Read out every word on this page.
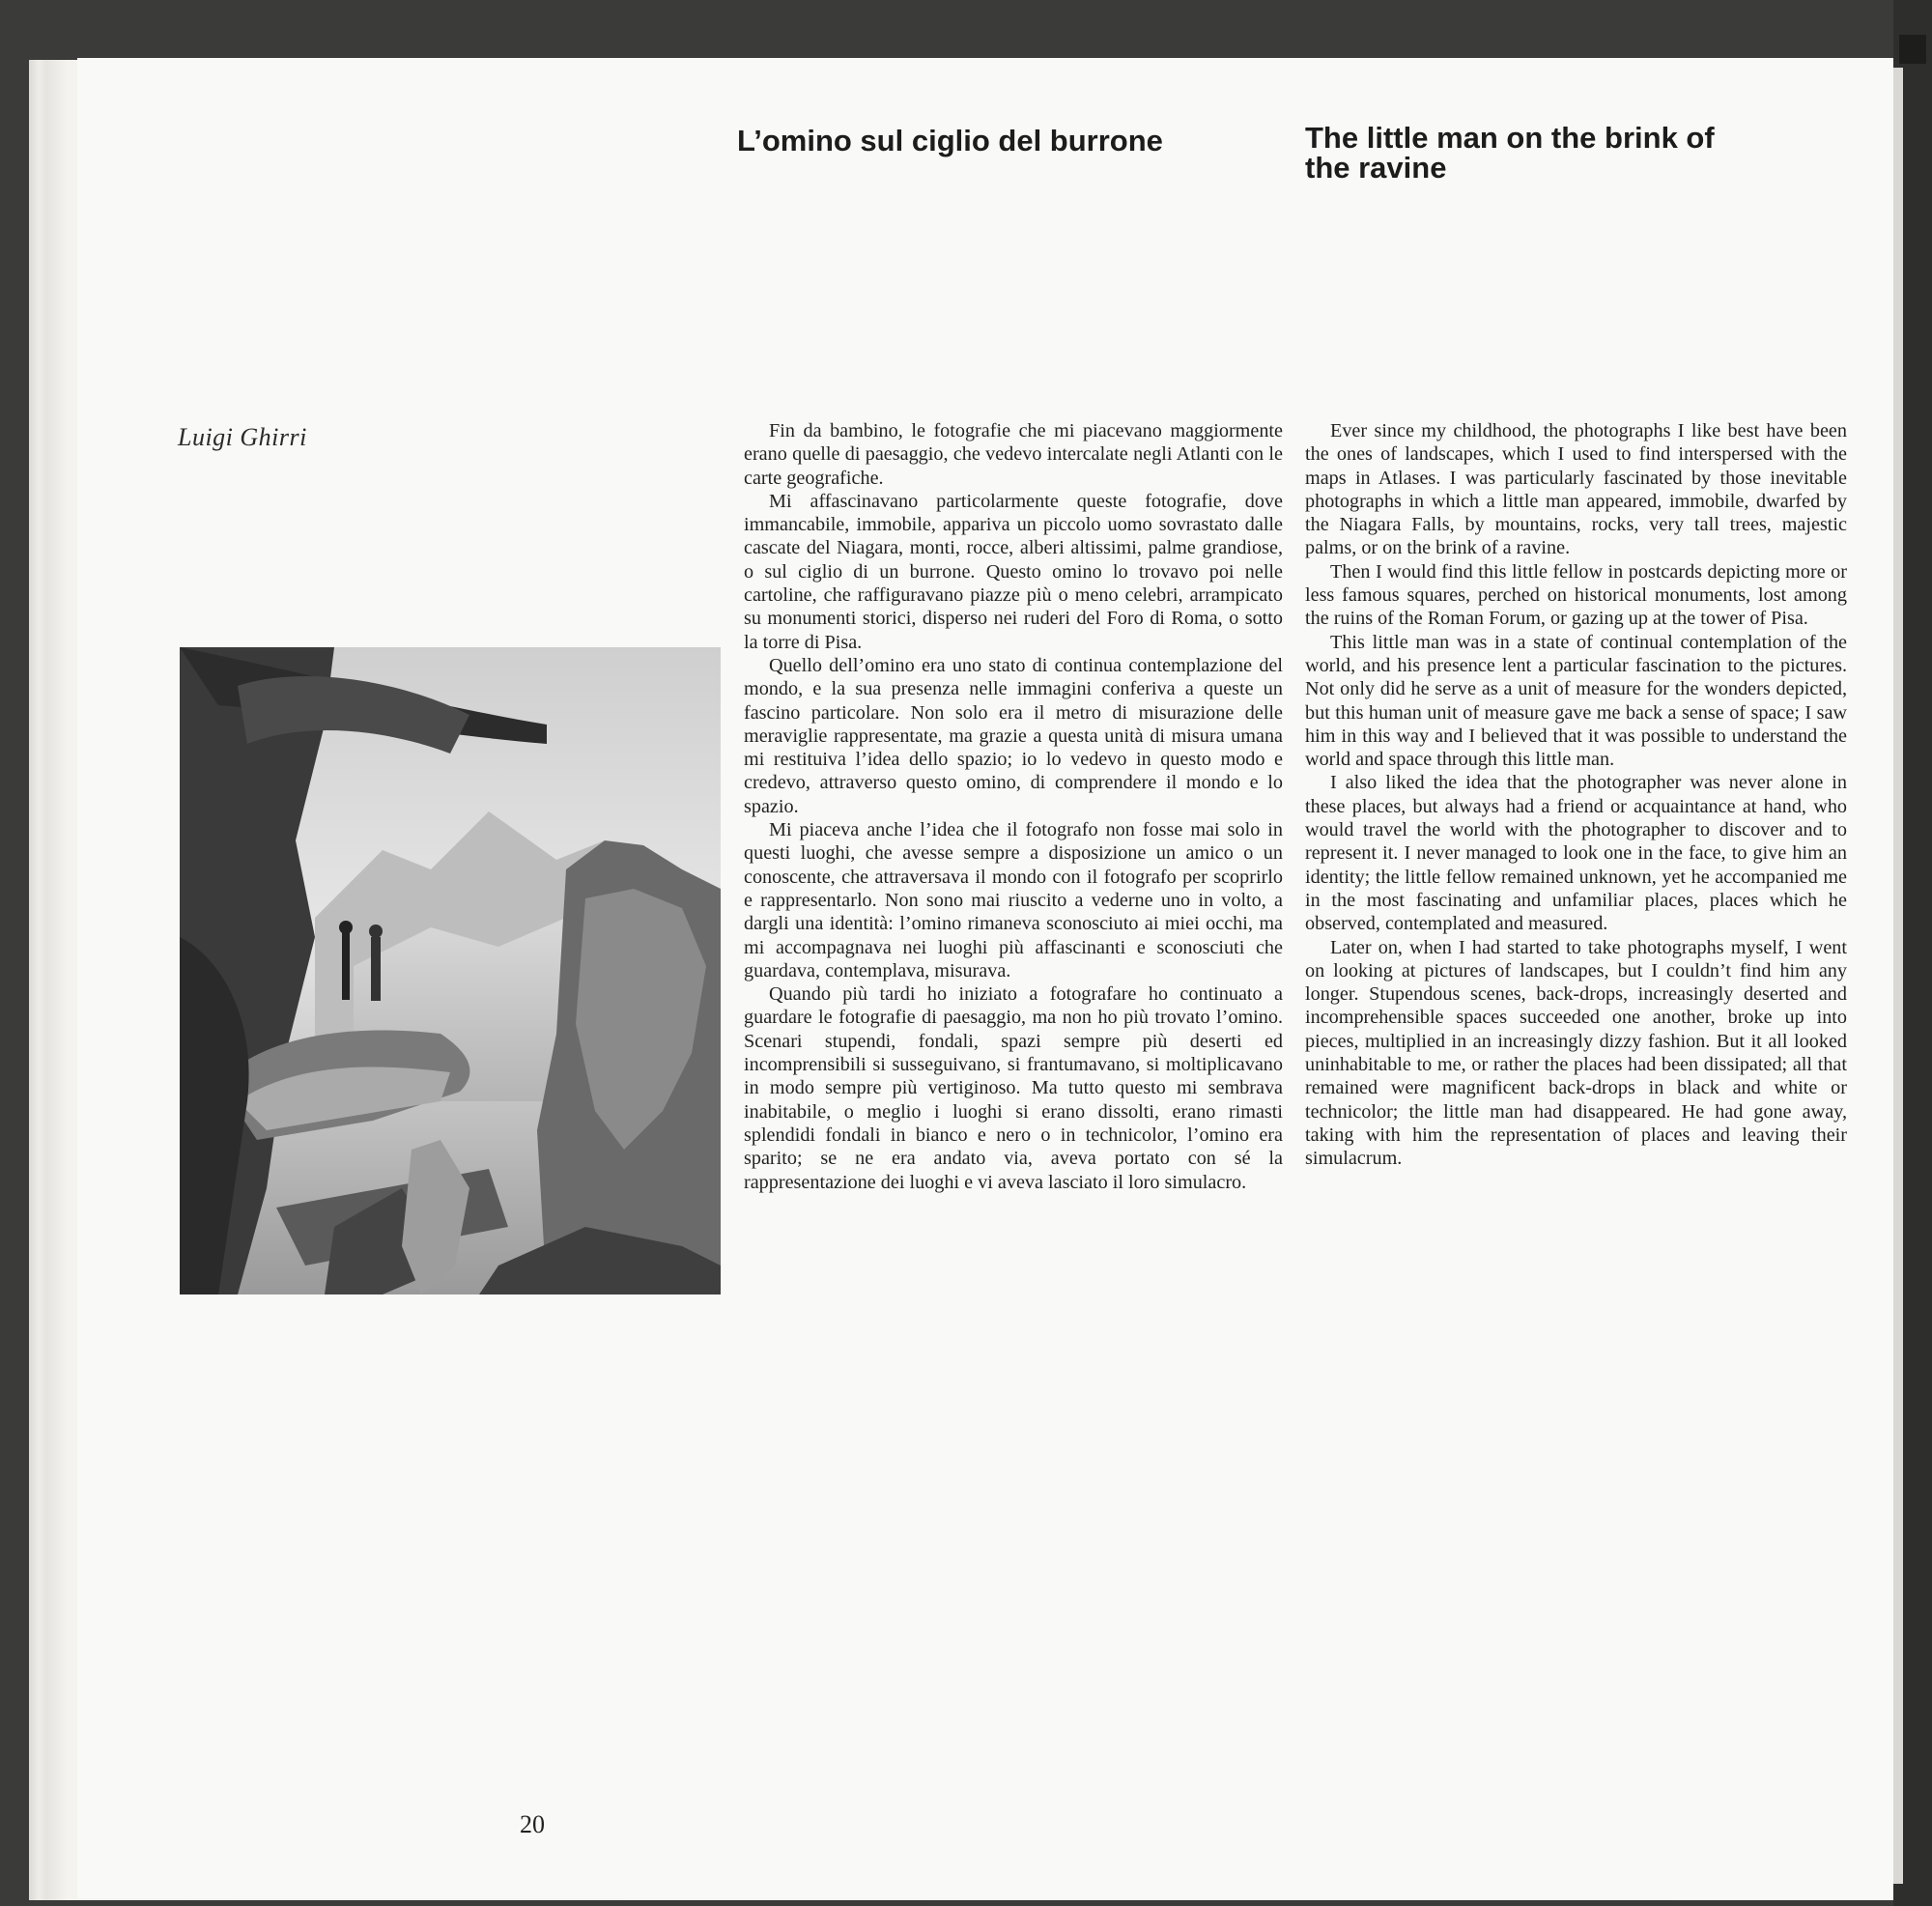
L’omino sul ciglio del burrone	The little man on the brink of the ravine

Luigi Ghirri	Fin da bambino, le fotografie che mi piacevano maggiormente erano quelle di paesaggio, che vedevo intercalate negli Atlanti con le carte geografiche.

Mi affascinavano particolarmente queste fotografie, dove immancabile, immobile, appariva un piccolo uomo sovrastato dalle cascate del Niagara, monti, rocce, alberi altissimi, palme grandiose, o sul ciglio di un burrone. Questo omino lo trovavo poi nelle cartoline, che raffiguravano piazze più o meno celebri, arrampicato su monumenti storici, disperso nei ruderi del Foro di Roma, o sotto la torre di Pisa.

Quello dell’omino era uno stato di continua contemplazione del mondo, e la sua presenza nelle immagini conferiva a queste un fascino particolare. Non solo era il metro di misurazione delle meraviglie rappresentate, ma grazie a questa unità di misura umana mi restituiva l’idea dello spazio; io lo vedevo in questo modo e credevo, attraverso questo omino, di comprendere il mondo e lo spazio.

Mi piaceva anche l’idea che il fotografo non fosse mai solo in questi luoghi, che avesse sempre a disposizione un amico o un conoscente, che attraversava il mondo con il fotografo per scoprirlo e rappresentarlo. Non sono mai riuscito a vederne uno in volto, a dargli una identità: l’omino rimaneva sconosciuto ai miei occhi, ma mi accompagnava nei luoghi più affascinanti e sconosciuti che guardava, contemplava, misurava.

Quando più tardi ho iniziato a fotografare ho continuato a guardare le fotografie di paesaggio, ma non ho più trovato l’omino. Scenari stupendi, fondali, spazi sempre più deserti ed incomprensibili si susseguivano, si frantumavano, si moltiplicavano in modo sempre più vertiginoso. Ma tutto questo mi sembrava inabitabile, o meglio i luoghi si erano dissolti, erano rimasti splendidi fondali in bianco e nero o in technicolor, l’omino era sparito; se ne era andato via, aveva portato con sé la rappresentazione dei luoghi e vi aveva lasciato il loro simulacro.

Ever since my childhood, the photographs I like best have been the ones of landscapes, which I used to find interspersed with the maps in Atlases. I was particularly fascinated by those inevitable photographs in which a little man appeared, immobile, dwarfed by the Niagara Falls, by mountains, rocks, very tall trees, majestic palms, or on the brink of a ravine.

Then I would find this little fellow in postcards depicting more or less famous squares, perched on historical monuments, lost among the ruins of the Roman Forum, or gazing up at the tower of Pisa.

This little man was in a state of continual contemplation of the world, and his presence lent a particular fascination to the pictures. Not only did he serve as a unit of measure for the wonders depicted, but this human unit of measure gave me back a sense of space; I saw him in this way and I believed that it was possible to understand the world and space through this little man.

I also liked the idea that the photographer was never alone in these places, but always had a friend or acquaintance at hand, who would travel the world with the photographer to discover and to represent it. I never managed to look one in the face, to give him an identity; the little fellow remained unknown, yet he accompanied me in the most fascinating and unfamiliar places, places which he observed, contemplated and measured.

Later on, when I had started to take photographs myself, I went on looking at pictures of landscapes, but I couldn’t find him any longer. Stupendous scenes, back-drops, increasingly deserted and incomprehensible spaces succeeded one another, broke up into pieces, multiplied in an increasingly dizzy fashion. But it all looked uninhabitable to me, or rather the places had been dissipated; all that remained were magnificent back-drops in black and white or technicolor; the little man had disappeared. He had gone away, taking with him the representation of places and leaving their simulacrum.

20
